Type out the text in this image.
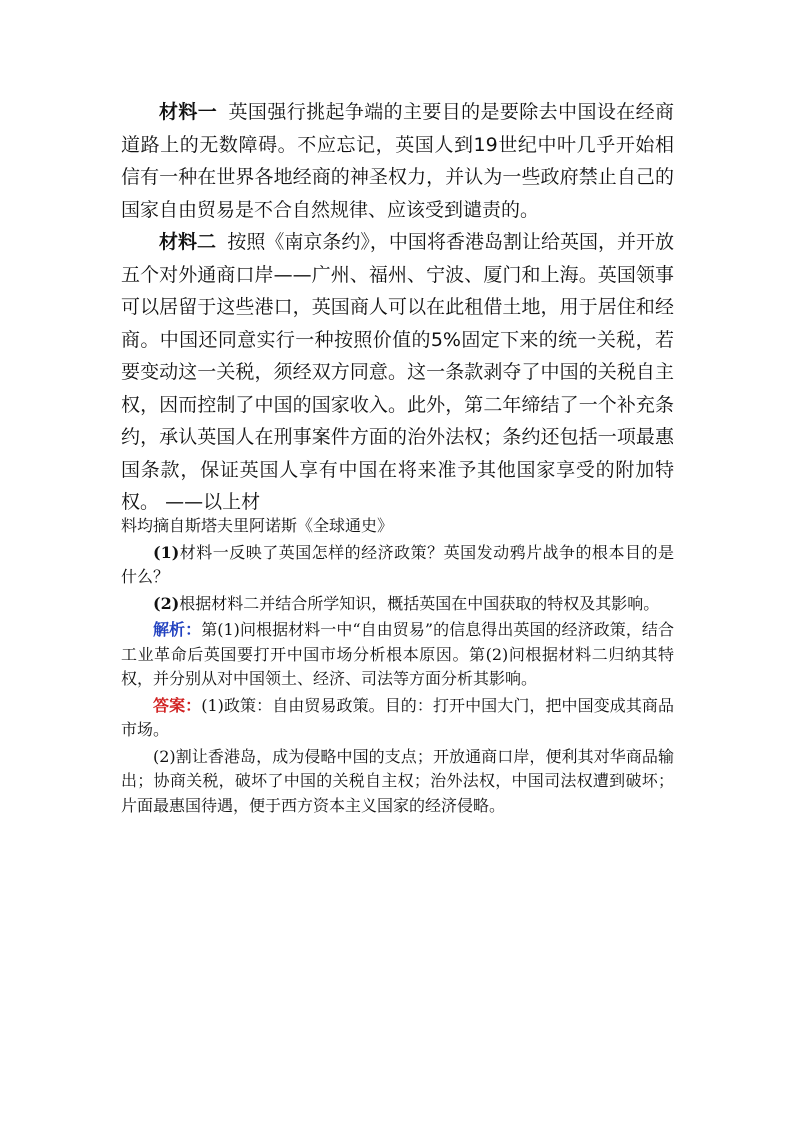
材料一 英国强行挑起争端的主要目的是要除去中国设在经商道路上的无数障碍。不应忘记，英国人到19世纪中叶几乎开始相信有一种在世界各地经商的神圣权力，并认为一些政府禁止自己的国家自由贸易是不合自然规律、应该受到谴责的。

材料二 按照《南京条约》，中国将香港岛割让给英国，并开放五个对外通商口岸——广州、福州、宁波、厦门和上海。英国领事可以居留于这些港口，英国商人可以在此租借土地，用于居住和经商。中国还同意实行一种按照价值的5%固定下来的统一关税，若要变动这一关税，须经双方同意。这一条款剥夺了中国的关税自主权，因而控制了中国的国家收入。此外，第二年缔结了一个补充条约，承认英国人在刑事案件方面的治外法权；条约还包括一项最惠国条款，保证英国人享有中国在将来准予其他国家享受的附加特权。 ——以上材

料均摘自斯塔夫里阿诺斯《全球通史》

(1)材料一反映了英国怎样的经济政策？英国发动鸦片战争的根本目的是什么？

(2)根据材料二并结合所学知识，概括英国在中国获取的特权及其影响。

解析：第(1)问根据材料一中“自由贸易”的信息得出英国的经济政策，结合工业革命后英国要打开中国市场分析根本原因。第(2)问根据材料二归纳其特权，并分别从对中国领土、经济、司法等方面分析其影响。

答案：(1)政策：自由贸易政策。目的：打开中国大门，把中国变成其商品市场。

(2)割让香港岛，成为侵略中国的支点；开放通商口岸，便利其对华商品输出；协商关税，破坏了中国的关税自主权；治外法权，中国司法权遭到破坏；片面最惠国待遇，便于西方资本主义国家的经济侵略。
